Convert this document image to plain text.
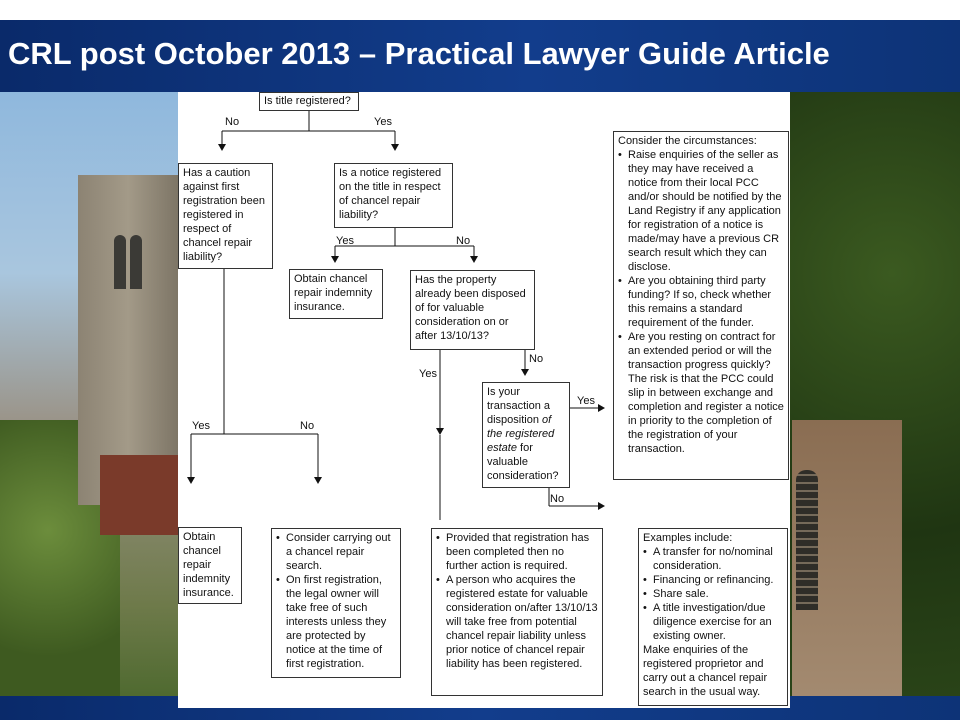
CRL post October 2013 – Practical Lawyer Guide Article
Is title registered?
Has a caution against first registration been registered in respect of chancel repair liability?
Is a notice registered on the title in respect of chancel repair liability?
Obtain chancel repair indemnity insurance.
Has the property already been disposed of for valuable consideration on or after 13/10/13?
Is your transaction a disposition of the registered estate for valuable consideration?
Consider the circumstances:
• Raise enquiries of the seller as they may have received a notice from their local PCC and/or should be notified by the Land Registry if any application for registration of a notice is made/may have a previous CR search result which they can disclose.
• Are you obtaining third party funding? If so, check whether this remains a standard requirement of the funder.
• Are you resting on contract for an extended period or will the transaction progress quickly? The risk is that the PCC could slip in between exchange and completion and register a notice in priority to the completion of the registration of your transaction.
Obtain chancel repair indemnity insurance.
• Consider carrying out a chancel repair search.
• On first registration, the legal owner will take free of such interests unless they are protected by notice at the time of first registration.
• Provided that registration has been completed then no further action is required.
• A person who acquires the registered estate for valuable consideration on/after 13/10/13 will take free from potential chancel repair liability unless prior notice of chancel repair liability has been registered.
Examples include:
• A transfer for no/nominal consideration.
• Financing or refinancing.
• Share sale.
• A title investigation/due diligence exercise for an existing owner.
Make enquiries of the registered proprietor and carry out a chancel repair search in the usual way.
No	Yes
Yes	No
No
Yes
Yes
No
Yes	No
